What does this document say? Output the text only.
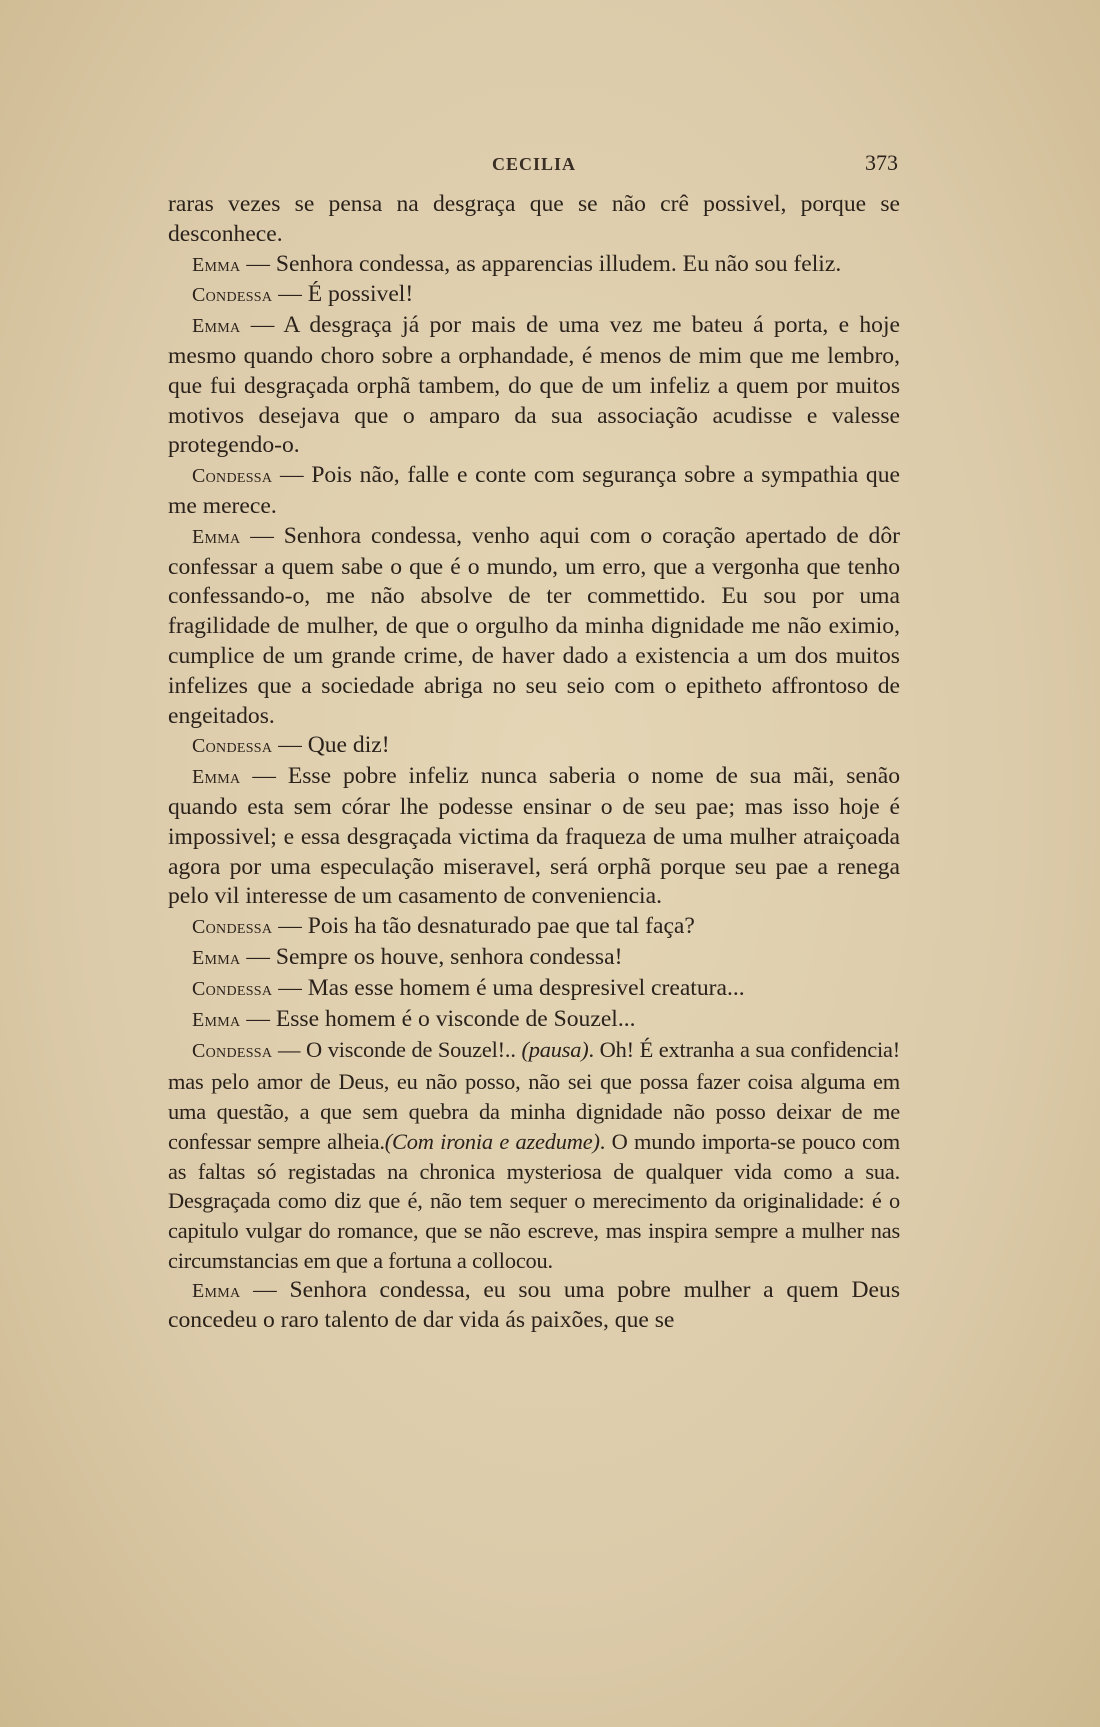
CECILIA	373

raras vezes se pensa na desgraça que se não crê possivel, porque se desconhece.

Emma — Senhora condessa, as apparencias illudem. Eu não sou feliz.

Condessa — É possivel!

Emma — A desgraça já por mais de uma vez me bateu á porta, e hoje mesmo quando choro sobre a orphandade, é menos de mim que me lembro, que fui desgraçada orphã tambem, do que de um infeliz a quem por muitos motivos desejava que o amparo da sua associação acudisse e valesse protegendo-o.

Condessa — Pois não, falle e conte com segurança sobre a sympathia que me merece.

Emma — Senhora condessa, venho aqui com o coração apertado de dôr confessar a quem sabe o que é o mundo, um erro, que a vergonha que tenho confessando-o, me não absolve de ter commettido. Eu sou por uma fragilidade de mulher, de que o orgulho da minha dignidade me não eximio, cumplice de um grande crime, de haver dado a existencia a um dos muitos infelizes que a sociedade abriga no seu seio com o epitheto affrontoso de engeitados.

Condessa — Que diz!

Emma — Esse pobre infeliz nunca saberia o nome de sua mãi, senão quando esta sem córar lhe podesse ensinar o de seu pae; mas isso hoje é impossivel; e essa desgraçada victima da fraqueza de uma mulher atraiçoada agora por uma especulação miseravel, será orphã porque seu pae a renega pelo vil interesse de um casamento de conveniencia.

Condessa — Pois ha tão desnaturado pae que tal faça?

Emma — Sempre os houve, senhora condessa!

Condessa — Mas esse homem é uma despresivel creatura...

Emma — Esse homem é o visconde de Souzel...

Condessa — O visconde de Souzel!.. (pausa). Oh! É extranha a sua confidencia! mas pelo amor de Deus, eu não posso, não sei que possa fazer coisa alguma em uma questão, a que sem quebra da minha dignidade não posso deixar de me confessar sempre alheia.(Com ironia e azedume). O mundo importa-se pouco com as faltas só registadas na chronica mysteriosa de qualquer vida como a sua. Desgraçada como diz que é, não tem sequer o merecimento da originalidade: é o capitulo vulgar do romance, que se não escreve, mas inspira sempre a mulher nas circumstancias em que a fortuna a collocou.

Emma — Senhora condessa, eu sou uma pobre mulher a quem Deus concedeu o raro talento de dar vida ás paixões, que se
